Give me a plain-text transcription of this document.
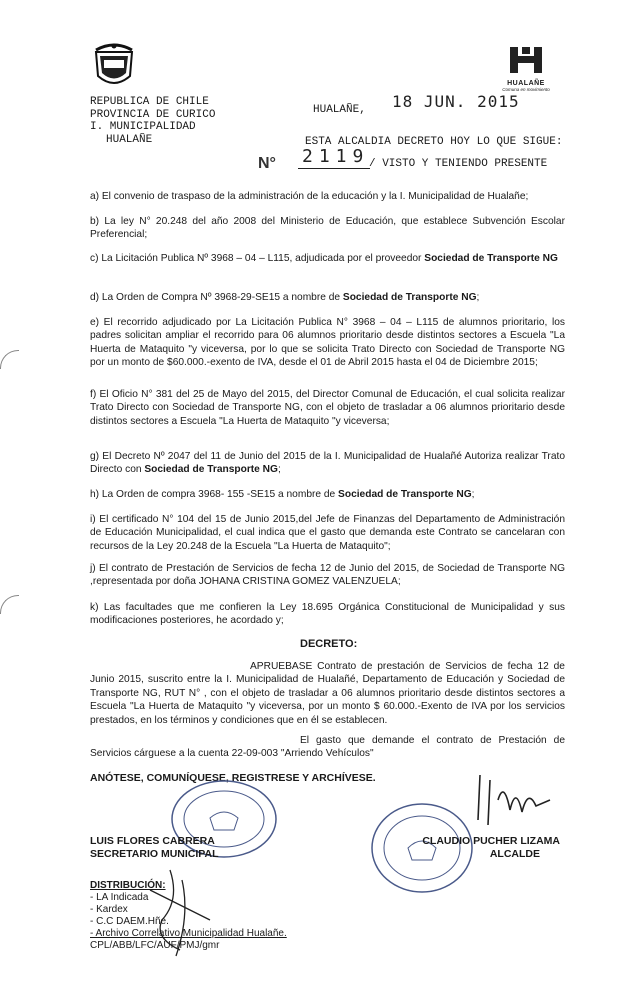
HUALAÑE
Comuna en movimiento
REPUBLICA DE CHILE
PROVINCIA DE CURICO
I. MUNICIPALIDAD
HUALAÑE
HUALAÑE, 18 JUN. 2015
ESTA ALCALDIA DECRETO HOY LO QUE SIGUE:
N° 2119 / VISTO Y TENIENDO PRESENTE
a) El convenio de traspaso de la administración de la educación y la I. Municipalidad de Hualañe;
b) La ley N° 20.248 del año 2008 del Ministerio de Educación, que establece Subvención Escolar Preferencial;
c) La Licitación Publica Nº 3968 – 04 – L115, adjudicada por el proveedor Sociedad de Transporte NG
d) La Orden de Compra Nº 3968-29-SE15 a nombre de Sociedad de Transporte NG;
e) El recorrido adjudicado por La Licitación Publica N° 3968 – 04 – L115 de alumnos prioritario, los padres solicitan ampliar el recorrido para 06 alumnos prioritario desde distintos sectores a Escuela "La Huerta de Mataquito "y viceversa, por lo que se solicita Trato Directo con Sociedad de Transporte NG por un monto de $60.000.-exento de IVA, desde el 01 de Abril 2015 hasta el 04 de Diciembre 2015;
f) El Oficio N° 381 del 25 de Mayo del 2015, del Director Comunal de Educación, el cual solicita realizar Trato Directo con Sociedad de Transporte NG, con el objeto de trasladar a 06 alumnos prioritario desde distintos sectores a Escuela "La Huerta de Mataquito "y viceversa;
g) El Decreto Nº 2047 del 11 de Junio del 2015 de la I. Municipalidad de Hualañé Autoriza realizar Trato Directo con Sociedad de Transporte NG;
h) La Orden de compra 3968- 155 -SE15 a nombre de Sociedad de Transporte NG;
i) El certificado N° 104 del 15 de Junio 2015,del Jefe de Finanzas del Departamento de Administración de Educación Municipalidad, el cual indica que el gasto que demanda este Contrato se cancelaran con recursos de la Ley 20.248 de la Escuela "La Huerta de Mataquito";
j) El contrato de Prestación de Servicios de fecha 12 de Junio del 2015, de Sociedad de Transporte NG ,representada por doña JOHANA CRISTINA GOMEZ VALENZUELA;
k) Las facultades que me confieren la Ley 18.695 Orgánica Constitucional de Municipalidad y sus modificaciones posteriores, he acordado y;
DECRETO:
APRUEBASE Contrato de prestación de Servicios de fecha 12 de Junio 2015, suscrito entre la I. Municipalidad de Hualañé, Departamento de Educación y Sociedad de Transporte NG, RUT N° , con el objeto de trasladar a 06 alumnos prioritario desde distintos sectores a Escuela "La Huerta de Mataquito "y viceversa, por un monto $ 60.000.-Exento de IVA por los servicios prestados, en los términos y condiciones que en él se establecen.
El gasto que demande el contrato de Prestación de Servicios cárguese a la cuenta 22-09-003 "Arriendo Vehículos"
ANÓTESE, COMUNÍQUESE, REGISTRESE Y ARCHÍVESE.
LUIS FLORES CABRERA
SECRETARIO MUNICIPAL
CLAUDIO PUCHER LIZAMA
ALCALDE
DISTRIBUCIÓN:
- LA Indicada
- Kardex
- C.C DAEM.Hñe.
- Archivo Correlativo Municipalidad Hualañe.
CPL/ABB/LFC/AUF/PMJ/gmr
